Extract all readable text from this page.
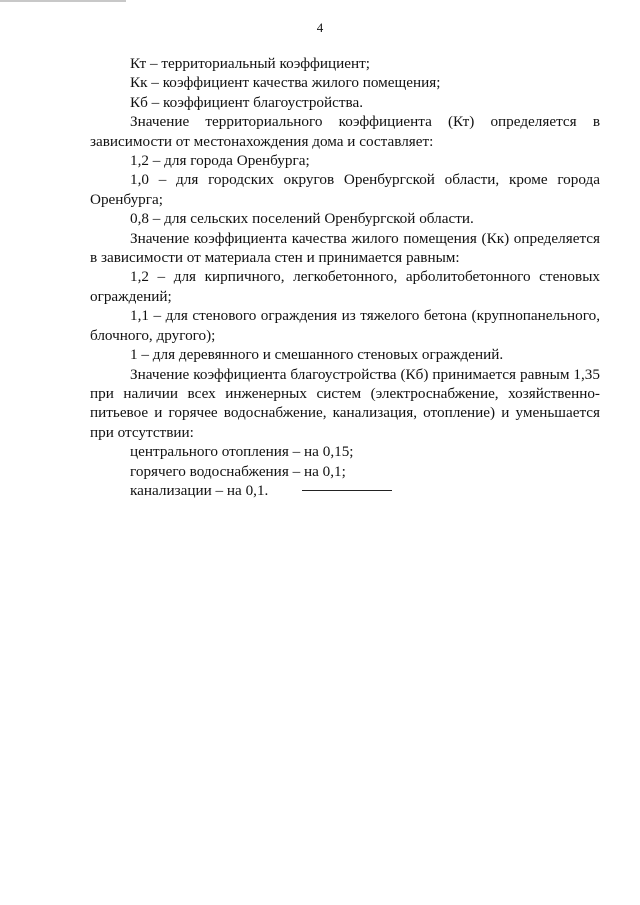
4

Кт – территориальный коэффициент;

Кк – коэффициент качества жилого помещения;

Кб – коэффициент благоустройства.

Значение территориального коэффициента (Кт) определяется в зависимости от местонахождения дома и составляет:

1,2 – для города Оренбурга;

1,0 – для городских округов Оренбургской области, кроме города Оренбурга;

0,8 – для сельских поселений Оренбургской области.

Значение коэффициента качества жилого помещения (Кк) определяется в зависимости от материала стен и принимается равным:

1,2 – для кирпичного, легкобетонного, арболитобетонного стеновых ограждений;

1,1 – для стенового ограждения из тяжелого бетона (крупнопанельного, блочного, другого);

1 – для деревянного и смешанного стеновых ограждений.

Значение коэффициента благоустройства (Кб) принимается равным 1,35 при наличии всех инженерных систем (электроснабжение, хозяйственно-питьевое и горячее водоснабжение, канализация, отопление) и уменьшается при отсутствии:

центрального отопления – на 0,15;

горячего водоснабжения – на 0,1;

канализации – на 0,1.
